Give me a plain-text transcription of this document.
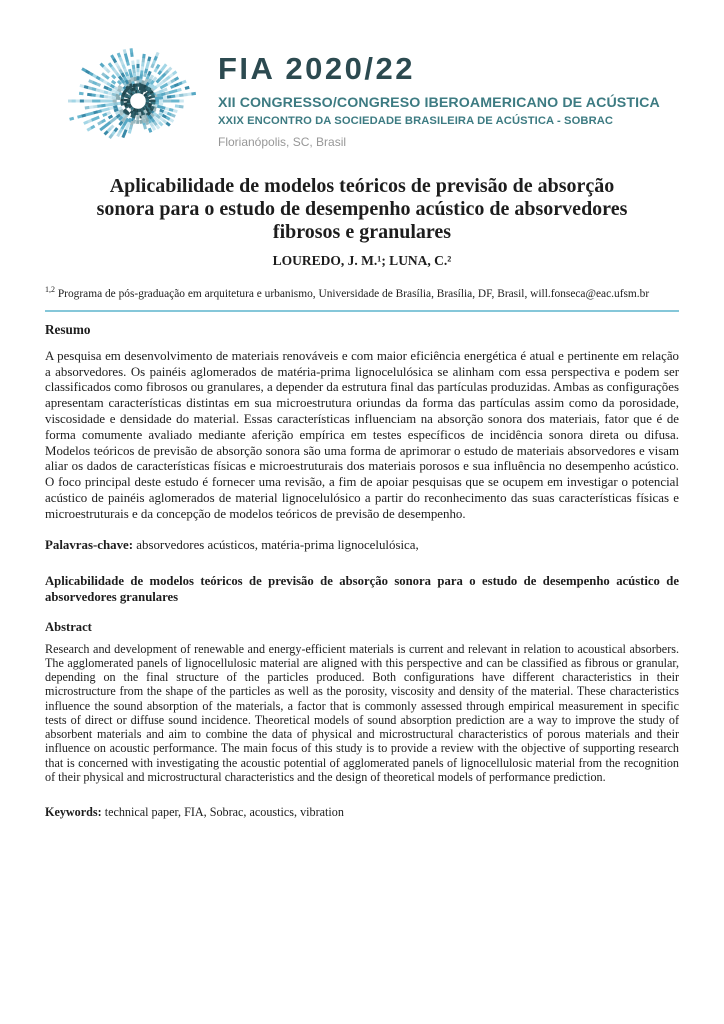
FIA 2020/22
XII CONGRESSO/CONGRESO IBEROAMERICANO DE ACÚSTICA
XXIX ENCONTRO DA SOCIEDADE BRASILEIRA DE ACÚSTICA - SOBRAC
Florianópolis, SC, Brasil
Aplicabilidade de modelos teóricos de previsão de absorção
sonora para o estudo de desempenho acústico de absorvedores
fibrosos e granulares
LOUREDO, J. M.¹; LUNA, C.²
$^{1,2}$ Programa de pós-graduação em arquitetura e urbanismo, Universidade de Brasília, Brasília, DF, Brasil, will.fonseca@eac.ufsm.br
Resumo

A pesquisa em desenvolvimento de materiais renováveis e com maior eficiência energética é atual e pertinente em relação a absorvedores. Os painéis aglomerados de matéria-prima lignocelulósica se alinham com essa perspectiva e podem ser classificados como fibrosos ou granulares, a depender da estrutura final das partículas produzidas. Ambas as configurações apresentam características distintas em sua microestrutura oriundas da forma das partículas assim como da porosidade, viscosidade e densidade do material. Essas características influenciam na absorção sonora dos materiais, fator que é de forma comumente avaliado mediante aferição empírica em testes específicos de incidência sonora direta ou difusa. Modelos teóricos de previsão de absorção sonora são uma forma de aprimorar o estudo de materiais absorvedores e visam aliar os dados de características físicas e microestruturais dos materiais porosos e sua influência no desempenho acústico. O foco principal deste estudo é fornecer uma revisão, a fim de apoiar pesquisas que se ocupem em investigar o potencial acústico de painéis aglomerados de material lignocelulósico a partir do reconhecimento das suas características físicas e microestruturais e da concepção de modelos teóricos de previsão de desempenho.

Palavras-chave: absorvedores acústicos, matéria-prima lignocelulósica,

Aplicabilidade de modelos teóricos de previsão de absorção sonora para o estudo de desempenho acústico de absorvedores granulares

Abstract

Research and development of renewable and energy-efficient materials is current and relevant in relation to acoustical absorbers. The agglomerated panels of lignocellulosic material are aligned with this perspective and can be classified as fibrous or granular, depending on the final structure of the particles produced. Both configurations have different characteristics in their microstructure from the shape of the particles as well as the porosity, viscosity and density of the material. These characteristics influence the sound absorption of the materials, a factor that is commonly assessed through empirical measurement in specific tests of direct or diffuse sound incidence. Theoretical models of sound absorption prediction are a way to improve the study of absorbent materials and aim to combine the data of physical and microstructural characteristics of porous materials and their influence on acoustic performance. The main focus of this study is to provide a review with the objective of supporting research that is concerned with investigating the acoustic potential of agglomerated panels of lignocellulosic material from the recognition of their physical and microstructural characteristics and the design of theoretical models of performance prediction.

Keywords: technical paper, FIA, Sobrac, acoustics, vibration
